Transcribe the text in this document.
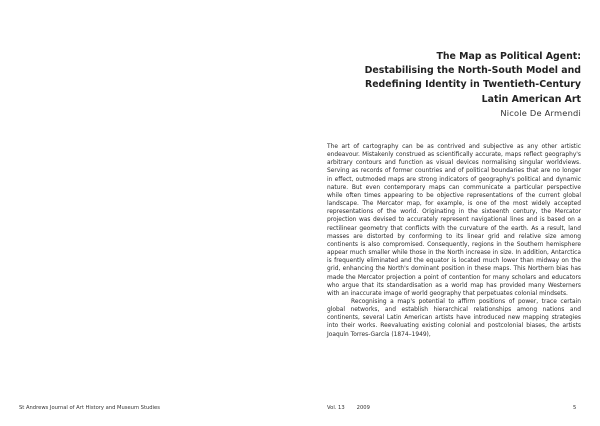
The Map as Political Agent:
Destabilising the North-South Model and
Redefining Identity in Twentieth-Century
Latin American Art
Nicole De Armendi

The art of cartography can be as contrived and subjective as any other artistic endeavour. Mistakenly construed as scientifically accurate, maps reflect geography's arbitrary contours and function as visual devices normalising singular worldviews. Serving as records of former countries and of political boundaries that are no longer in effect, outmoded maps are strong indicators of geography's political and dynamic nature. But even contemporary maps can communicate a particular perspective while often times appearing to be objective representations of the current global landscape. The Mercator map, for example, is one of the most widely accepted representations of the world. Originating in the sixteenth century, the Mercator projection was devised to accurately represent navigational lines and is based on a rectilinear geometry that conflicts with the curvature of the earth. As a result, land masses are distorted by conforming to its linear grid and relative size among continents is also compromised. Consequently, regions in the Southern hemisphere appear much smaller while those in the North increase in size. In addition, Antarctica is frequently eliminated and the equator is located much lower than midway on the grid, enhancing the North's dominant position in these maps. This Northern bias has made the Mercator projection a point of contention for many scholars and educators who argue that its standardisation as a world map has provided many Westerners with an inaccurate image of world geography that perpetuates colonial mindsets.

Recognising a map's potential to affirm positions of power, trace certain global networks, and establish hierarchical relationships among nations and continents, several Latin American artists have introduced new mapping strategies into their works. Reevaluating existing colonial and postcolonial biases, the artists Joaquín Torres-García (1874–1949),

St Andrews Journal of Art History and Museum Studies	Vol. 13 2009	5
